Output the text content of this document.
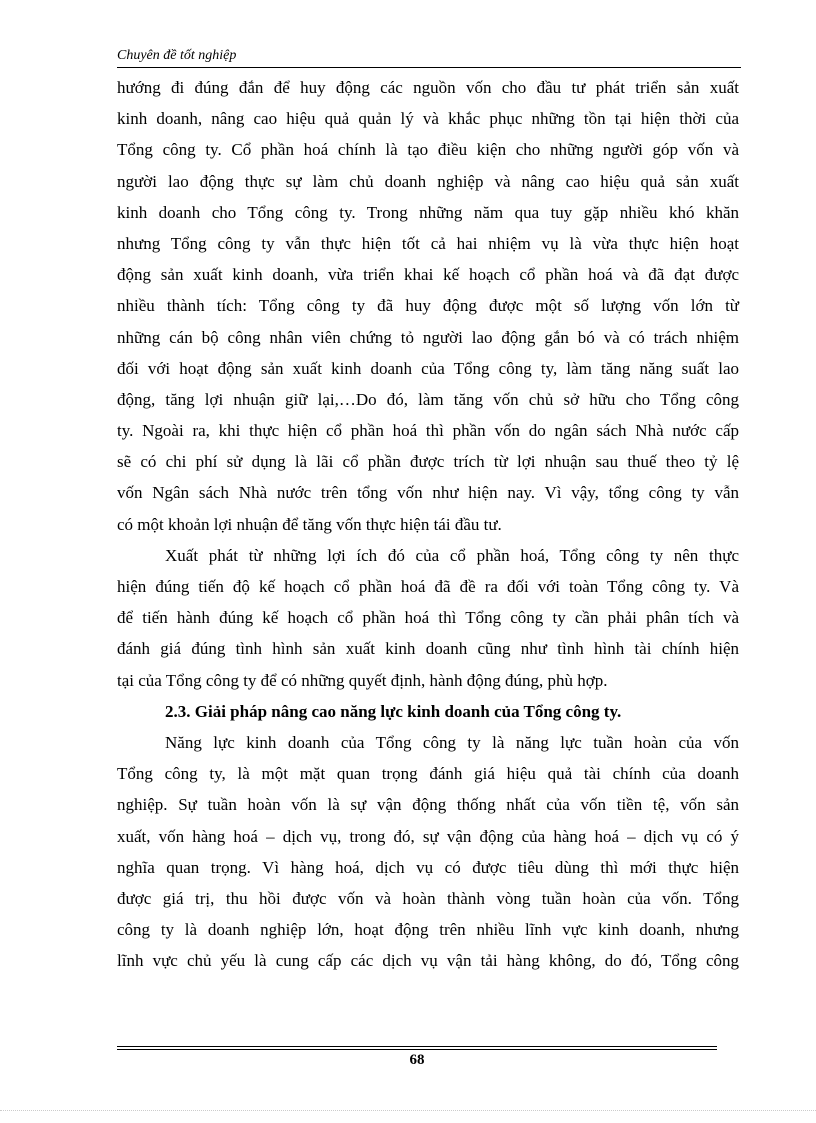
Chuyên đề tốt nghiệp
hướng đi đúng đắn để huy động các nguồn vốn cho đầu tư phát triển sản xuất
kinh doanh, nâng cao hiệu quả quản lý và khắc phục những tồn tại hiện thời của
Tổng công ty. Cổ phần hoá chính là tạo điều kiện cho những người góp vốn và
người lao động thực sự làm chủ doanh nghiệp và nâng cao hiệu quả sản xuất
kinh doanh cho Tổng công ty. Trong những năm qua tuy gặp nhiều khó khăn
nhưng Tổng công ty vẫn thực hiện tốt cả hai nhiệm vụ là vừa thực hiện hoạt
động sản xuất kinh doanh, vừa triển khai kế hoạch cổ phần hoá và đã đạt được
nhiều thành tích: Tổng công ty đã huy động được một số lượng vốn lớn từ
những cán bộ công nhân viên chứng tỏ người lao động gắn bó và có trách nhiệm
đối với hoạt động sản xuất kinh doanh của Tổng công ty, làm tăng năng suất lao
động, tăng lợi nhuận giữ lại,…Do đó, làm tăng vốn chủ sở hữu cho Tổng công
ty. Ngoài ra, khi thực hiện cổ phần hoá thì phần vốn do ngân sách Nhà nước cấp
sẽ có chi phí sử dụng là lãi cổ phần được trích từ lợi nhuận sau thuế theo tỷ lệ
vốn Ngân sách Nhà nước trên tổng vốn như hiện nay. Vì vậy, tổng công ty vẫn
có một khoản lợi nhuận để tăng vốn thực hiện tái đầu tư.
Xuất phát từ những lợi ích đó của cổ phần hoá, Tổng công ty nên thực
hiện đúng tiến độ kế hoạch cổ phần hoá đã đề ra đối với toàn Tổng công ty. Và
để tiến hành đúng kế hoạch cổ phần hoá thì Tổng công ty cần phải phân tích và
đánh giá đúng tình hình sản xuất kinh doanh cũng như tình hình tài chính hiện
tại của Tổng công ty để có những quyết định, hành động đúng, phù hợp.
2.3. Giải pháp nâng cao năng lực kinh doanh của Tổng công ty.
Năng lực kinh doanh của Tổng công ty là năng lực tuần hoàn của vốn
Tổng công ty, là một mặt quan trọng đánh giá hiệu quả tài chính của doanh
nghiệp. Sự tuần hoàn vốn là sự vận động thống nhất của vốn tiền tệ, vốn sản
xuất, vốn hàng hoá – dịch vụ, trong đó, sự vận động của hàng hoá – dịch vụ có ý
nghĩa quan trọng. Vì hàng hoá, dịch vụ có được tiêu dùng thì mới thực hiện
được giá trị, thu hồi được vốn và hoàn thành vòng tuần hoàn của vốn. Tổng
công ty là doanh nghiệp lớn, hoạt động trên nhiều lĩnh vực kinh doanh, nhưng
lĩnh vực chủ yếu là cung cấp các dịch vụ vận tải hàng không, do đó, Tổng công
68
